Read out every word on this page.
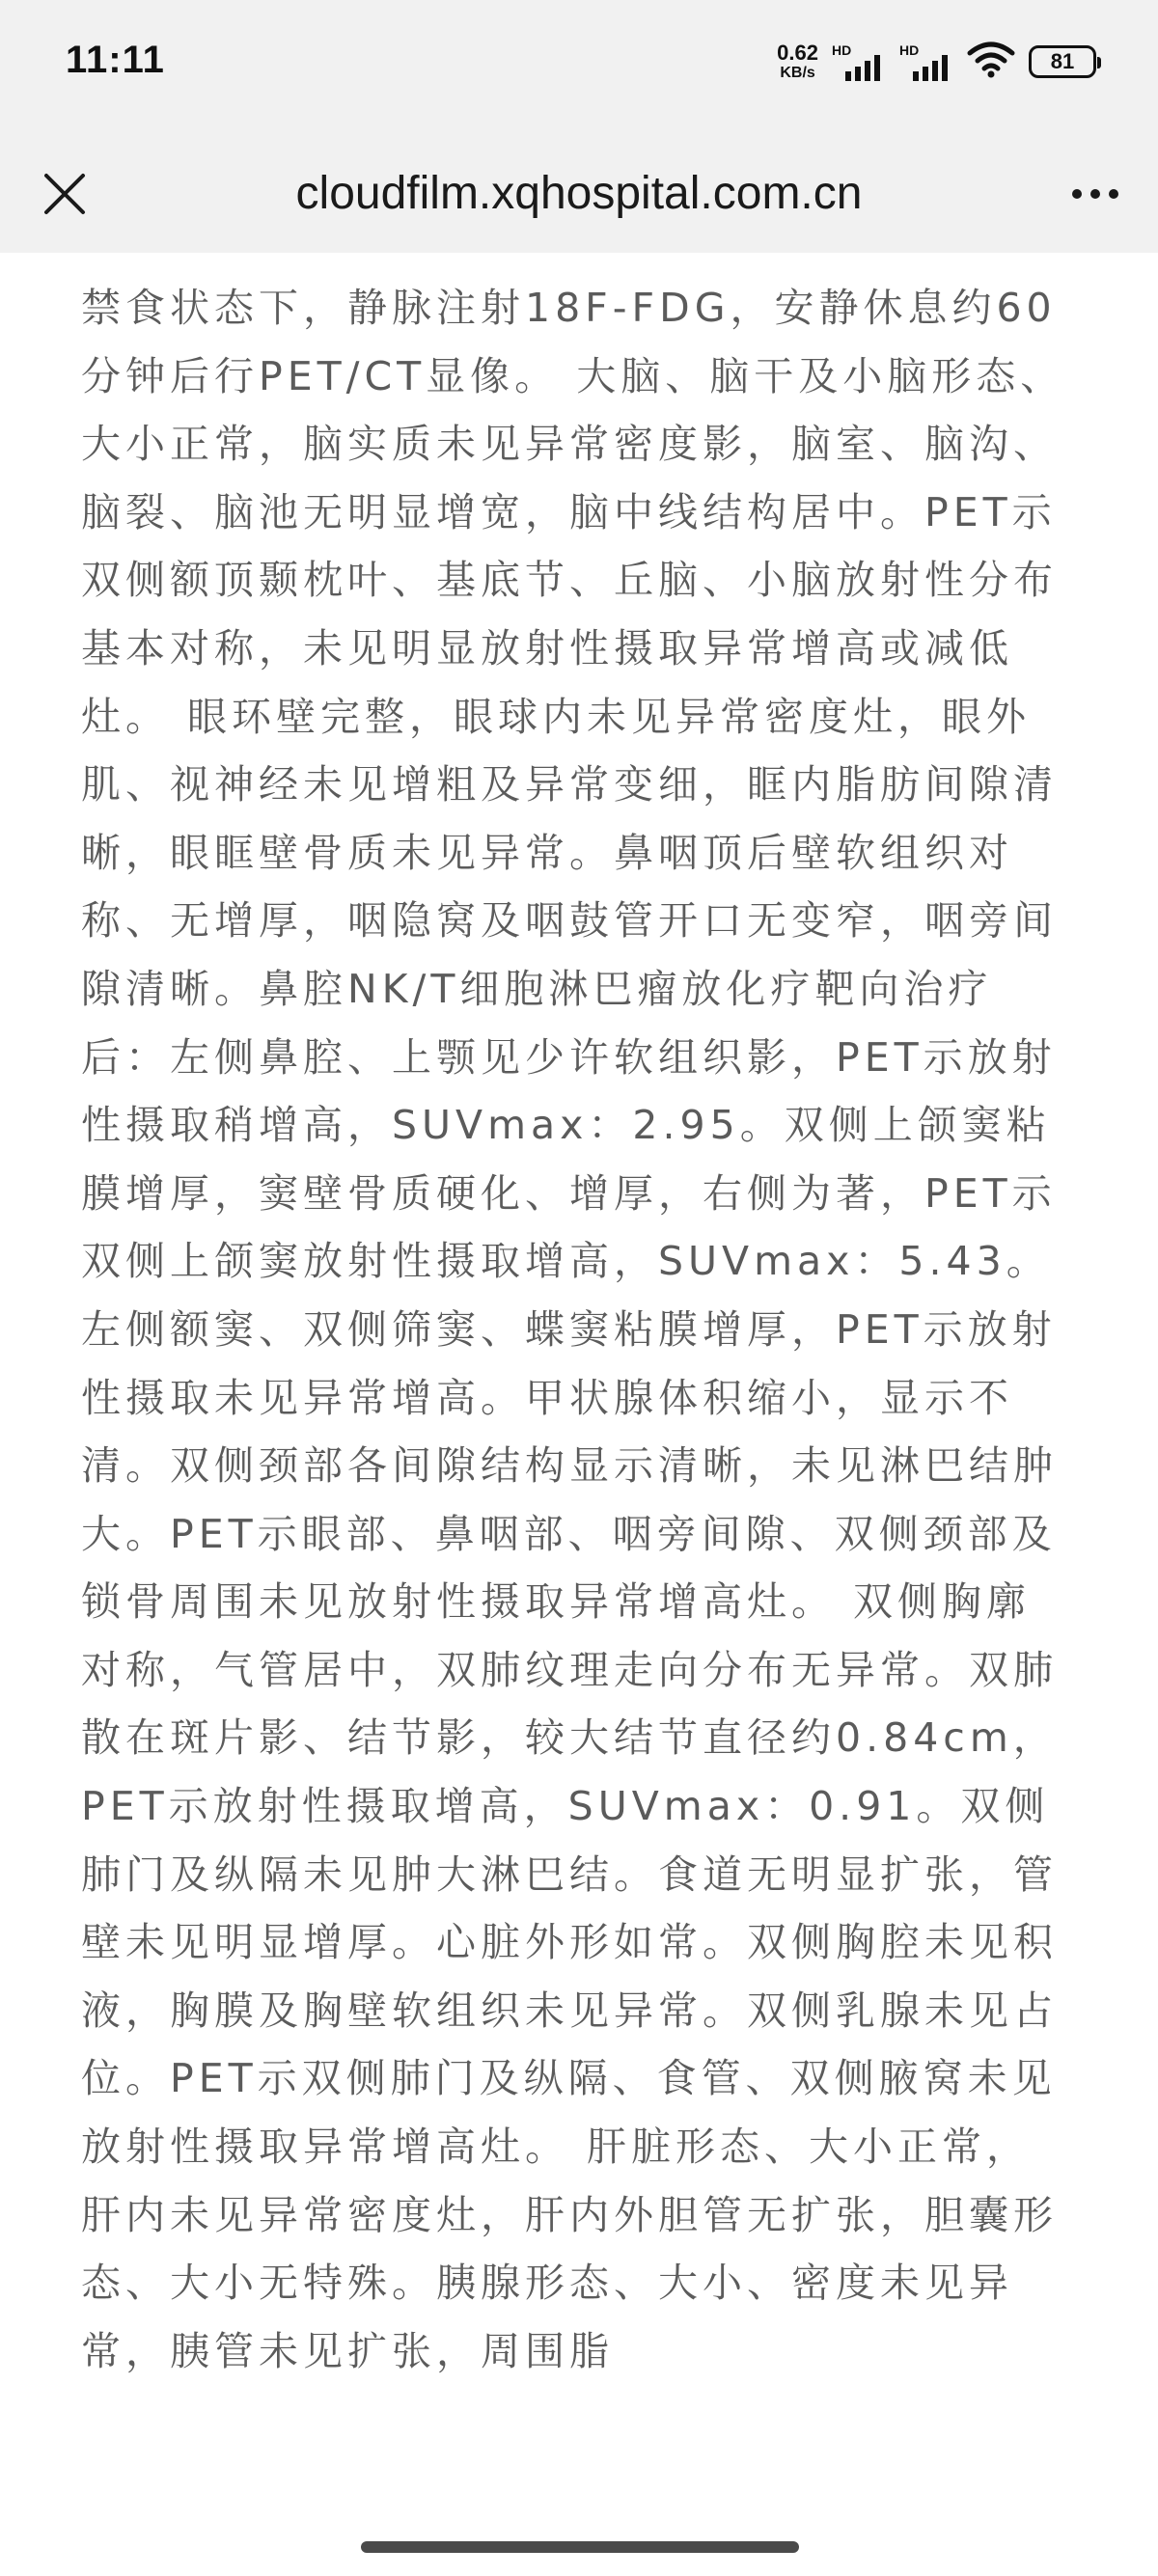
11:11	0.62
KB/s
HD	HD	81
cloudfilm.xqhospital.com.cn
禁食状态下，静脉注射18F-FDG，安静休息约60分钟后行PET/CT显像。 大脑、脑干及小脑形态、大小正常，脑实质未见异常密度影，脑室、脑沟、脑裂、脑池无明显增宽，脑中线结构居中。PET示双侧额顶颞枕叶、基底节、丘脑、小脑放射性分布基本对称，未见明显放射性摄取异常增高或减低灶。 眼环壁完整，眼球内未见异常密度灶，眼外肌、视神经未见增粗及异常变细，眶内脂肪间隙清晰，眼眶壁骨质未见异常。鼻咽顶后壁软组织对称、无增厚，咽隐窝及咽鼓管开口无变窄，咽旁间隙清晰。鼻腔NK/T细胞淋巴瘤放化疗靶向治疗后：左侧鼻腔、上颚见少许软组织影，PET示放射性摄取稍增高，SUVmax：2.95。双侧上颌窦粘膜增厚，窦壁骨质硬化、增厚，右侧为著，PET示双侧上颌窦放射性摄取增高，SUVmax：5.43。左侧额窦、双侧筛窦、蝶窦粘膜增厚，PET示放射性摄取未见异常增高。甲状腺体积缩小，显示不清。双侧颈部各间隙结构显示清晰，未见淋巴结肿大。PET示眼部、鼻咽部、咽旁间隙、双侧颈部及锁骨周围未见放射性摄取异常增高灶。 双侧胸廓对称，气管居中，双肺纹理走向分布无异常。双肺散在斑片影、结节影，较大结节直径约0.84cm，PET示放射性摄取增高，SUVmax：0.91。双侧肺门及纵隔未见肿大淋巴结。食道无明显扩张，管壁未见明显增厚。心脏外形如常。双侧胸腔未见积液，胸膜及胸壁软组织未见异常。双侧乳腺未见占位。PET示双侧肺门及纵隔、食管、双侧腋窝未见放射性摄取异常增高灶。 肝脏形态、大小正常，肝内未见异常密度灶，肝内外胆管无扩张，胆囊形态、大小无特殊。胰腺形态、大小、密度未见异常，胰管未见扩张，周围脂
